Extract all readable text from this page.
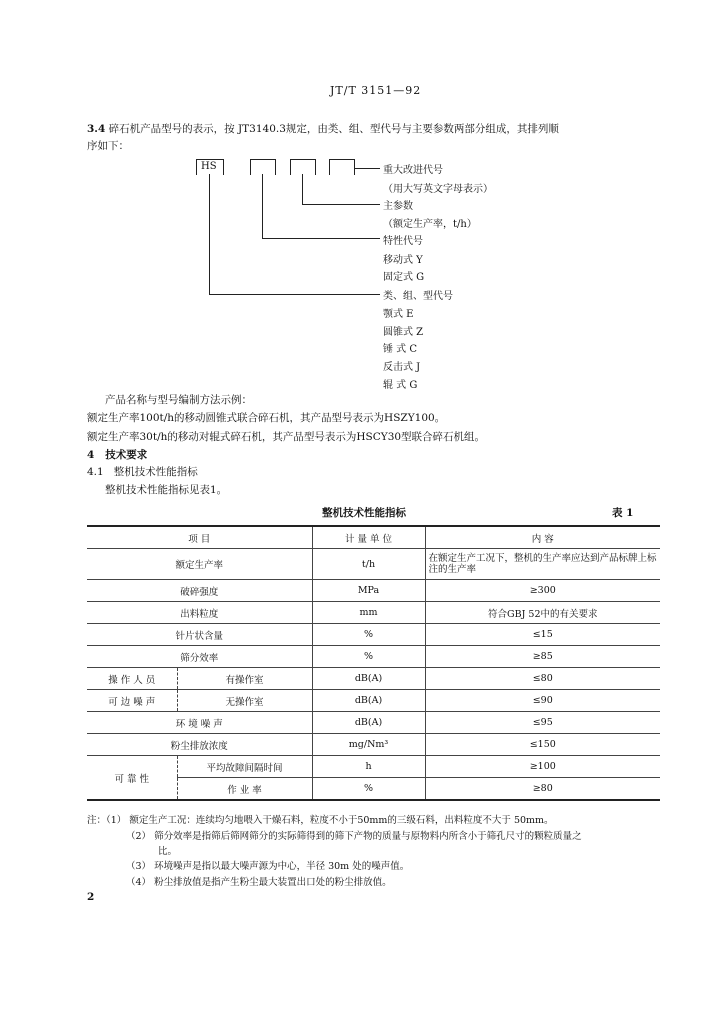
JT/T 3151—92
3.4 碎石机产品型号的表示，按 JT3140.3规定，由类、组、型代号与主要参数两部分组成，其排列顺
序如下：
HS	重大改进代号
（用大写英文字母表示）
主参数
（额定生产率，t/h）
特性代号
移动式 Y
固定式 G
类、组、型代号
颚式 E
圆锥式 Z
锤 式 C
反击式 J
辊 式 G
产品名称与型号编制方法示例：
额定生产率100t/h的移动圆锥式联合碎石机，其产品型号表示为HSZY100。
额定生产率30t/h的移动对辊式碎石机，其产品型号表示为HSCY30型联合碎石机组。
4 技术要求
4.1 整机技术性能指标
整机技术性能指标见表1。
整机技术性能指标	表 1
项 目		计 量 单 位	内 容
额定生产率		t/h	在额定生产工况下，整机的生产率应达到产品标牌上标注的生产率
破碎强度		MPa	≥300
出料粒度		mm	符合GBJ 52中的有关要求
针片状含量		%	≤15
筛分效率		%	≥85
操 作 人 员	有操作室	dB(A)	≤80
可 边 噪 声	无操作室	dB(A)	≤90
环 境 噪 声		dB(A)	≤95
粉尘排放浓度		mg/Nm³	≤150
可 靠 性	平均故障间隔时间	h	≥100
	作 业 率	%	≥80
注：（1） 额定生产工况：连续均匀地喂入干燥石料，粒度不小于50mm的三级石料，出料粒度不大于 50mm。
（2） 筛分效率是指筛后筛网筛分的实际筛得到的筛下产物的质量与原物料内所含小于筛孔尺寸的颗粒质量之
比。
（3） 环境噪声是指以最大噪声源为中心，半径 30m 处的噪声值。
（4） 粉尘排放值是指产生粉尘最大装置出口处的粉尘排放值。
2
